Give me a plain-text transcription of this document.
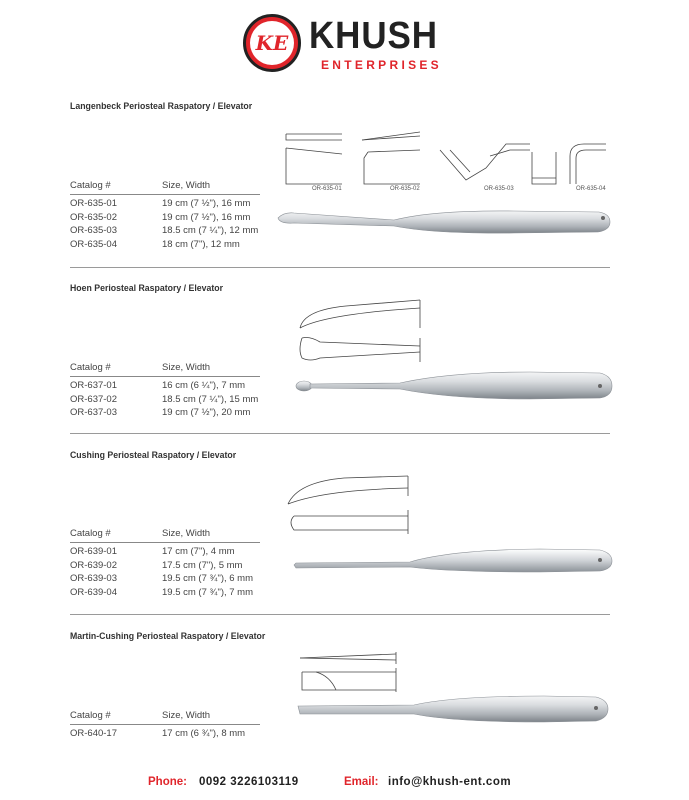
KE KHUSH
ENTERPRISES
Langenbeck Periosteal Raspatory / Elevator
OR-635-01	OR-635-02	OR-635-03	OR-635-04
Catalog #	Size, Width
OR-635-01	19 cm (7 ½"), 16 mm
OR-635-02	19 cm (7 ½"), 16 mm
OR-635-03	18.5 cm (7 ¼"), 12 mm
OR-635-04	18 cm (7"), 12 mm
Hoen Periosteal Raspatory / Elevator
Catalog #	Size, Width
OR-637-01	16 cm (6 ¼"), 7 mm
OR-637-02	18.5 cm (7 ¼"), 15 mm
OR-637-03	19 cm (7 ½"), 20 mm
Cushing Periosteal Raspatory / Elevator
Catalog #	Size, Width
OR-639-01	17 cm (7"), 4 mm
OR-639-02	17.5 cm (7"), 5 mm
OR-639-03	19.5 cm (7 ¾"), 6 mm
OR-639-04	19.5 cm (7 ¾"), 7 mm
Martin-Cushing Periosteal Raspatory / Elevator
Catalog #	Size, Width
OR-640-17	17 cm (6 ¾"), 8 mm
Phone: 0092 3226103119	Email: info@khush-ent.com
